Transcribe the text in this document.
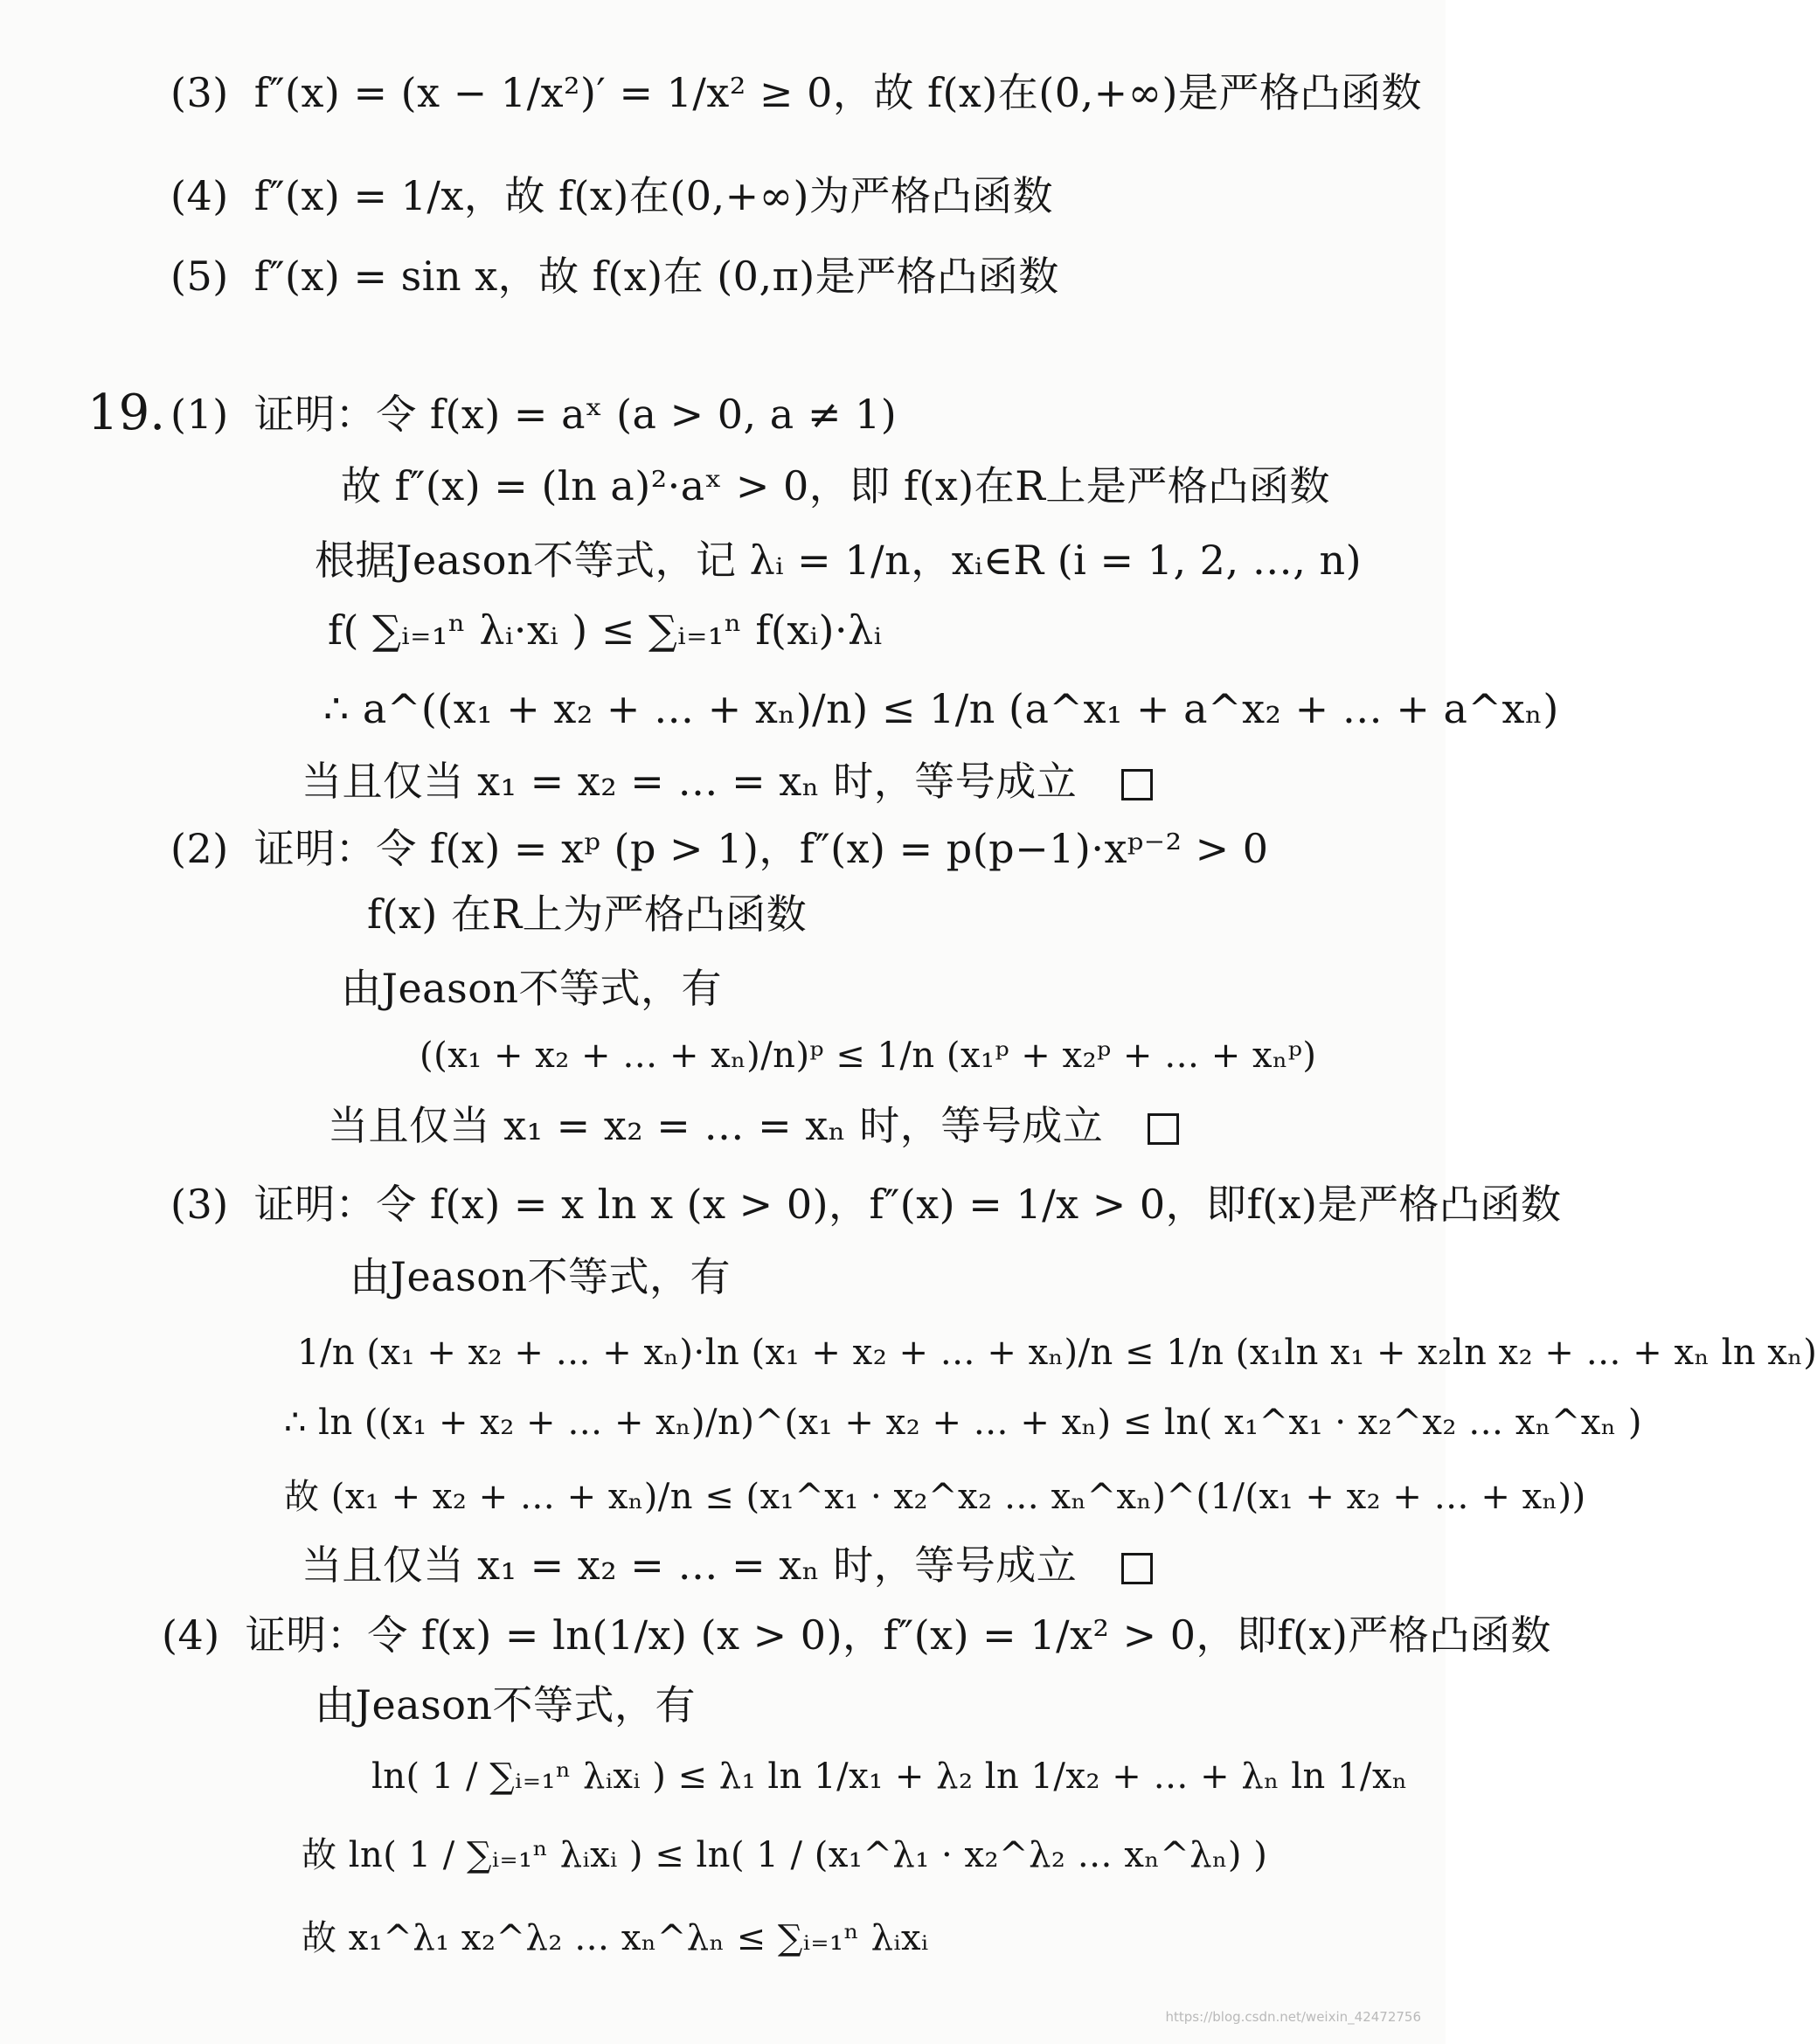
(3) f″(x) = (x − 1/x²)′ = 1/x² ≥ 0，故 f(x)在(0,+∞)是严格凸函数
(4) f″(x) = 1/x，故 f(x)在(0,+∞)为严格凸函数
(5) f″(x) = sin x，故 f(x)在 (0,π)是严格凸函数
19. (1) 证明：令 f(x) = aˣ (a > 0, a ≠ 1)
故 f″(x) = (ln a)²·aˣ > 0，即 f(x)在R上是严格凸函数
根据Jeason不等式，记 λᵢ = 1/n，xᵢ∈R (i = 1, 2, …, n)
f( ∑ᵢ₌₁ⁿ λᵢ·xᵢ ) ≤ ∑ᵢ₌₁ⁿ f(xᵢ)·λᵢ
∴ a^((x₁ + x₂ + … + xₙ)/n) ≤ 1/n (a^x₁ + a^x₂ + … + a^xₙ)
当且仅当 x₁ = x₂ = … = xₙ 时，等号成立
(2) 证明：令 f(x) = xᵖ (p > 1)，f″(x) = p(p−1)·xᵖ⁻² > 0
f(x) 在R上为严格凸函数
由Jeason不等式，有
((x₁ + x₂ + … + xₙ)/n)ᵖ ≤ 1/n (x₁ᵖ + x₂ᵖ + … + xₙᵖ)
当且仅当 x₁ = x₂ = … = xₙ 时，等号成立
(3) 证明：令 f(x) = x ln x (x > 0)，f″(x) = 1/x > 0，即f(x)是严格凸函数
由Jeason不等式，有
1/n (x₁ + x₂ + … + xₙ)·ln (x₁ + x₂ + … + xₙ)/n ≤ 1/n (x₁ln x₁ + x₂ln x₂ + … + xₙ ln xₙ)
∴ ln ((x₁ + x₂ + … + xₙ)/n)^(x₁ + x₂ + … + xₙ) ≤ ln( x₁^x₁ · x₂^x₂ … xₙ^xₙ )
故 (x₁ + x₂ + … + xₙ)/n ≤ (x₁^x₁ · x₂^x₂ … xₙ^xₙ)^(1/(x₁ + x₂ + … + xₙ))
当且仅当 x₁ = x₂ = … = xₙ 时，等号成立
(4) 证明：令 f(x) = ln(1/x) (x > 0)，f″(x) = 1/x² > 0，即f(x)严格凸函数
由Jeason不等式，有
ln( 1 / ∑ᵢ₌₁ⁿ λᵢxᵢ ) ≤ λ₁ ln 1/x₁ + λ₂ ln 1/x₂ + … + λₙ ln 1/xₙ
故 ln( 1 / ∑ᵢ₌₁ⁿ λᵢxᵢ ) ≤ ln( 1 / (x₁^λ₁ · x₂^λ₂ … xₙ^λₙ) )
故 x₁^λ₁ x₂^λ₂ … xₙ^λₙ ≤ ∑ᵢ₌₁ⁿ λᵢxᵢ
https://blog.csdn.net/weixin_42472756
